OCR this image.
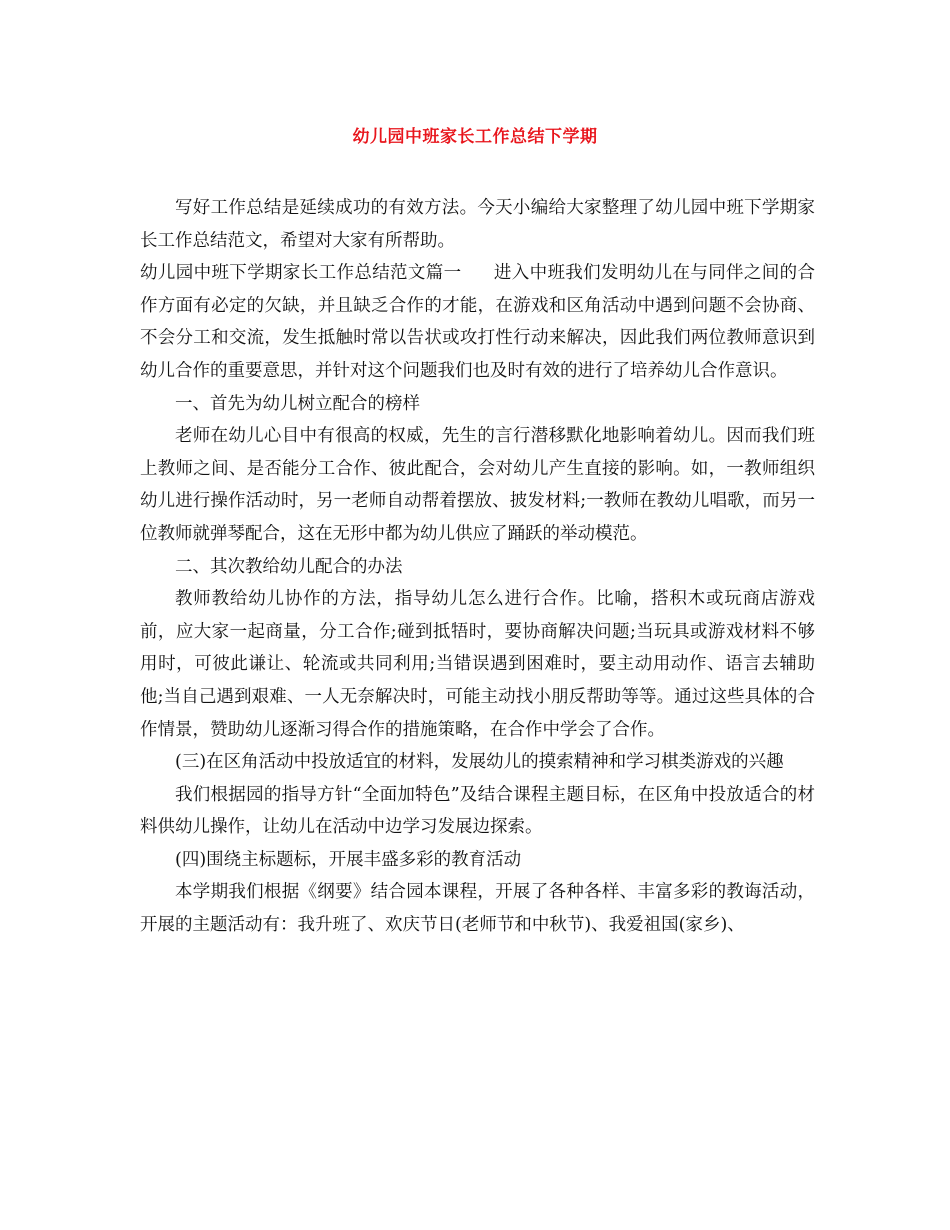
幼儿园中班家长工作总结下学期

写好工作总结是延续成功的有效方法。今天小编给大家整理了幼儿园中班下学期家长工作总结范文，希望对大家有所帮助。

幼儿园中班下学期家长工作总结范文篇一 进入中班我们发明幼儿在与同伴之间的合作方面有必定的欠缺，并且缺乏合作的才能，在游戏和区角活动中遇到问题不会协商、不会分工和交流，发生抵触时常以告状或攻打性行动来解决，因此我们两位教师意识到幼儿合作的重要意思，并针对这个问题我们也及时有效的进行了培养幼儿合作意识。

一、首先为幼儿树立配合的榜样

老师在幼儿心目中有很高的权威，先生的言行潜移默化地影响着幼儿。因而我们班上教师之间、是否能分工合作、彼此配合，会对幼儿产生直接的影响。如，一教师组织幼儿进行操作活动时，另一老师自动帮着摆放、披发材料;一教师在教幼儿唱歌，而另一位教师就弹琴配合，这在无形中都为幼儿供应了踊跃的举动模范。

二、其次教给幼儿配合的办法

教师教给幼儿协作的方法，指导幼儿怎么进行合作。比喻，搭积木或玩商店游戏前，应大家一起商量，分工合作;碰到抵牾时，要协商解决问题;当玩具或游戏材料不够用时，可彼此谦让、轮流或共同利用;当错误遇到困难时，要主动用动作、语言去辅助他;当自己遇到艰难、一人无奈解决时，可能主动找小朋反帮助等等。通过这些具体的合作情景，赞助幼儿逐渐习得合作的措施策略，在合作中学会了合作。

(三)在区角活动中投放适宜的材料，发展幼儿的摸索精神和学习棋类游戏的兴趣

我们根据园的指导方针“全面加特色”及结合课程主题目标，在区角中投放适合的材料供幼儿操作，让幼儿在活动中边学习发展边探索。

(四)围绕主标题标，开展丰盛多彩的教育活动

本学期我们根据《纲要》结合园本课程，开展了各种各样、丰富多彩的教诲活动，开展的主题活动有：我升班了、欢庆节日(老师节和中秋节)、我爱祖国(家乡)、
